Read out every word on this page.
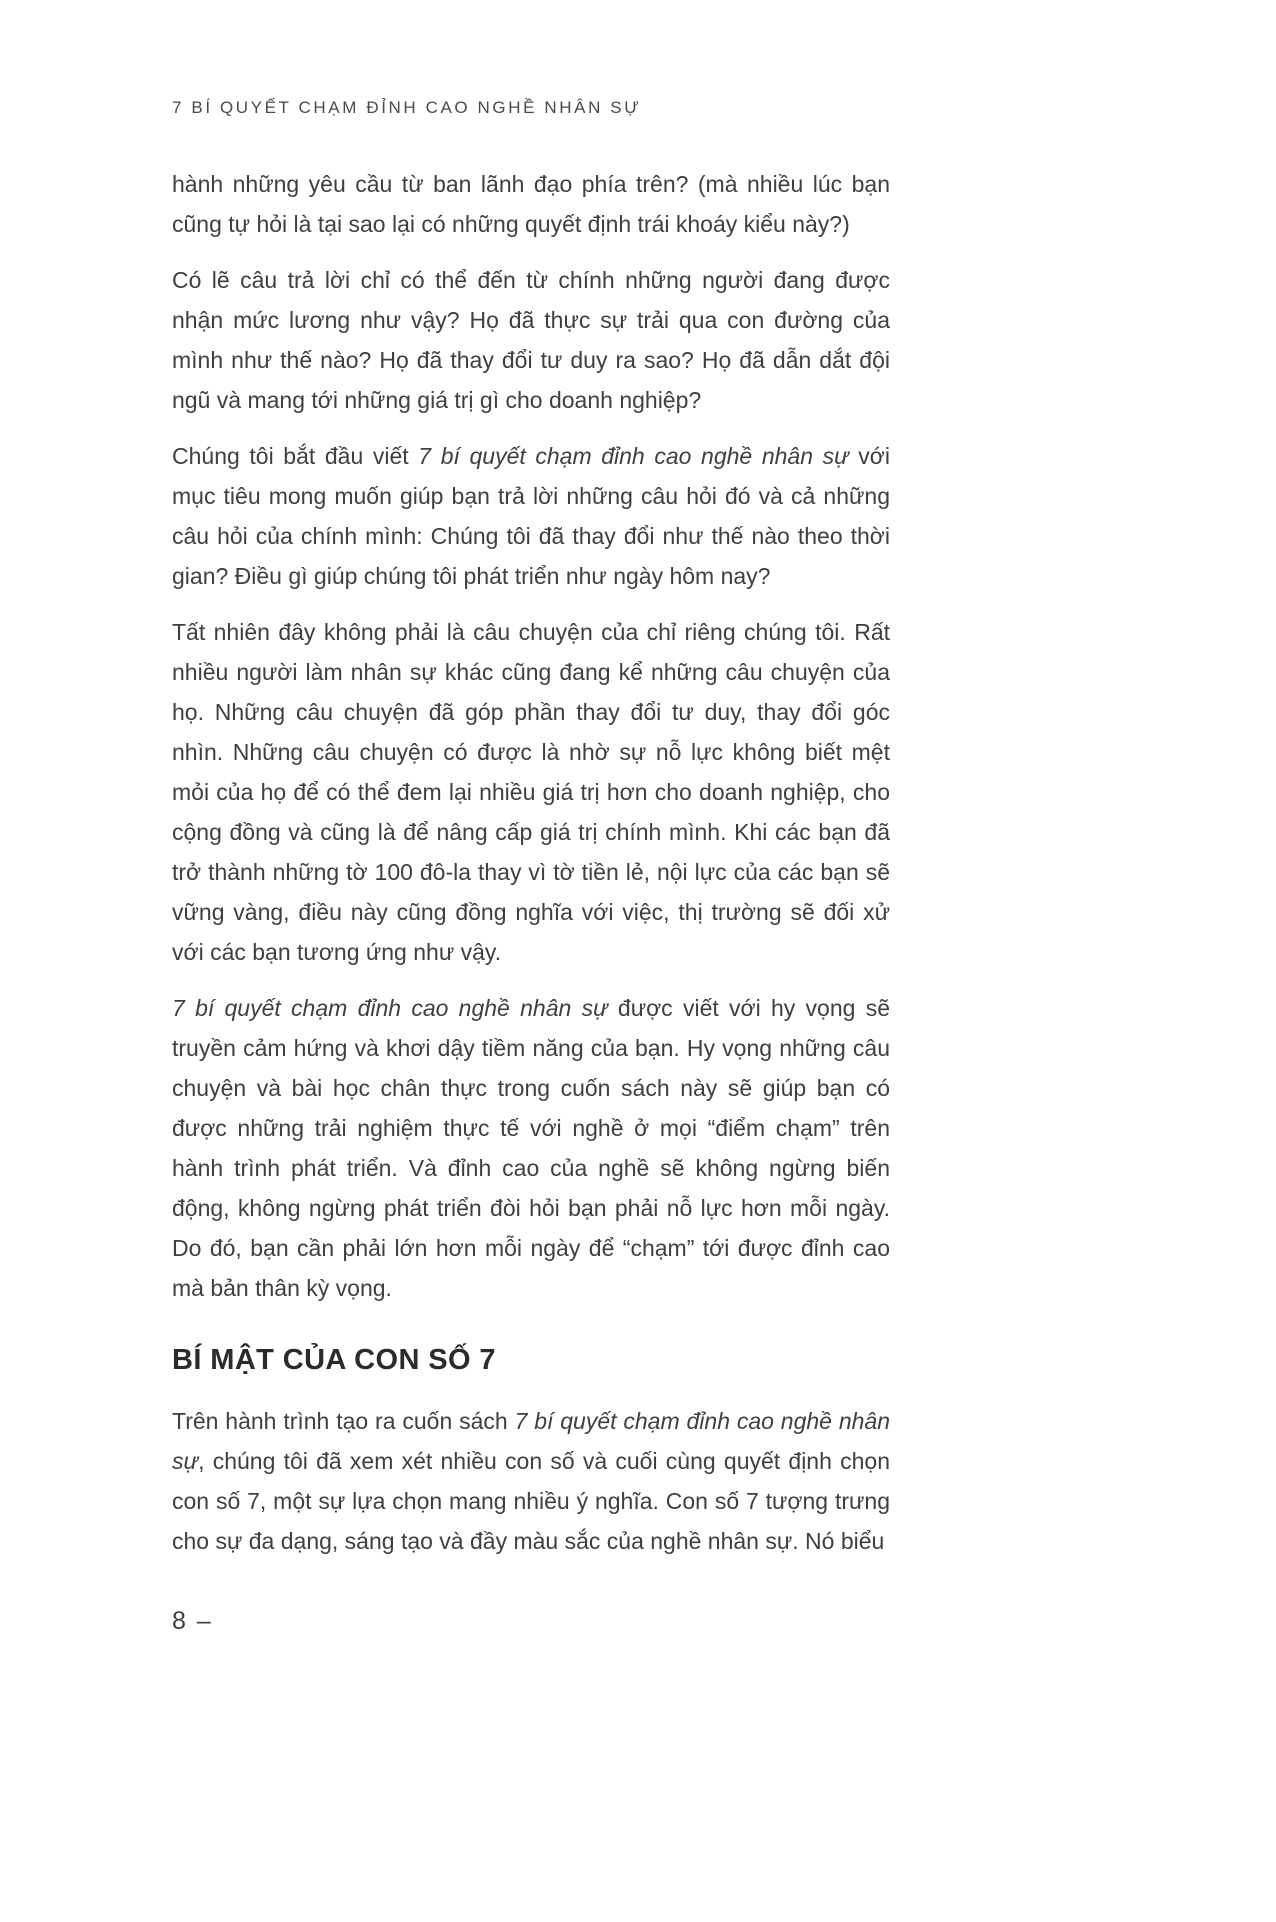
7 BÍ QUYẾT CHẠM ĐỈNH CAO NGHỀ NHÂN SỰ

hành những yêu cầu từ ban lãnh đạo phía trên? (mà nhiều lúc bạn cũng tự hỏi là tại sao lại có những quyết định trái khoáy kiểu này?)

Có lẽ câu trả lời chỉ có thể đến từ chính những người đang được nhận mức lương như vậy? Họ đã thực sự trải qua con đường của mình như thế nào? Họ đã thay đổi tư duy ra sao? Họ đã dẫn dắt đội ngũ và mang tới những giá trị gì cho doanh nghiệp?

Chúng tôi bắt đầu viết 7 bí quyết chạm đỉnh cao nghề nhân sự với mục tiêu mong muốn giúp bạn trả lời những câu hỏi đó và cả những câu hỏi của chính mình: Chúng tôi đã thay đổi như thế nào theo thời gian? Điều gì giúp chúng tôi phát triển như ngày hôm nay?

Tất nhiên đây không phải là câu chuyện của chỉ riêng chúng tôi. Rất nhiều người làm nhân sự khác cũng đang kể những câu chuyện của họ. Những câu chuyện đã góp phần thay đổi tư duy, thay đổi góc nhìn. Những câu chuyện có được là nhờ sự nỗ lực không biết mệt mỏi của họ để có thể đem lại nhiều giá trị hơn cho doanh nghiệp, cho cộng đồng và cũng là để nâng cấp giá trị chính mình. Khi các bạn đã trở thành những tờ 100 đô-la thay vì tờ tiền lẻ, nội lực của các bạn sẽ vững vàng, điều này cũng đồng nghĩa với việc, thị trường sẽ đối xử với các bạn tương ứng như vậy.

7 bí quyết chạm đỉnh cao nghề nhân sự được viết với hy vọng sẽ truyền cảm hứng và khơi dậy tiềm năng của bạn. Hy vọng những câu chuyện và bài học chân thực trong cuốn sách này sẽ giúp bạn có được những trải nghiệm thực tế với nghề ở mọi “điểm chạm” trên hành trình phát triển. Và đỉnh cao của nghề sẽ không ngừng biến động, không ngừng phát triển đòi hỏi bạn phải nỗ lực hơn mỗi ngày. Do đó, bạn cần phải lớn hơn mỗi ngày để “chạm” tới được đỉnh cao mà bản thân kỳ vọng.

BÍ MẬT CỦA CON SỐ 7

Trên hành trình tạo ra cuốn sách 7 bí quyết chạm đỉnh cao nghề nhân sự, chúng tôi đã xem xét nhiều con số và cuối cùng quyết định chọn con số 7, một sự lựa chọn mang nhiều ý nghĩa. Con số 7 tượng trưng cho sự đa dạng, sáng tạo và đầy màu sắc của nghề nhân sự. Nó biểu

8 –
